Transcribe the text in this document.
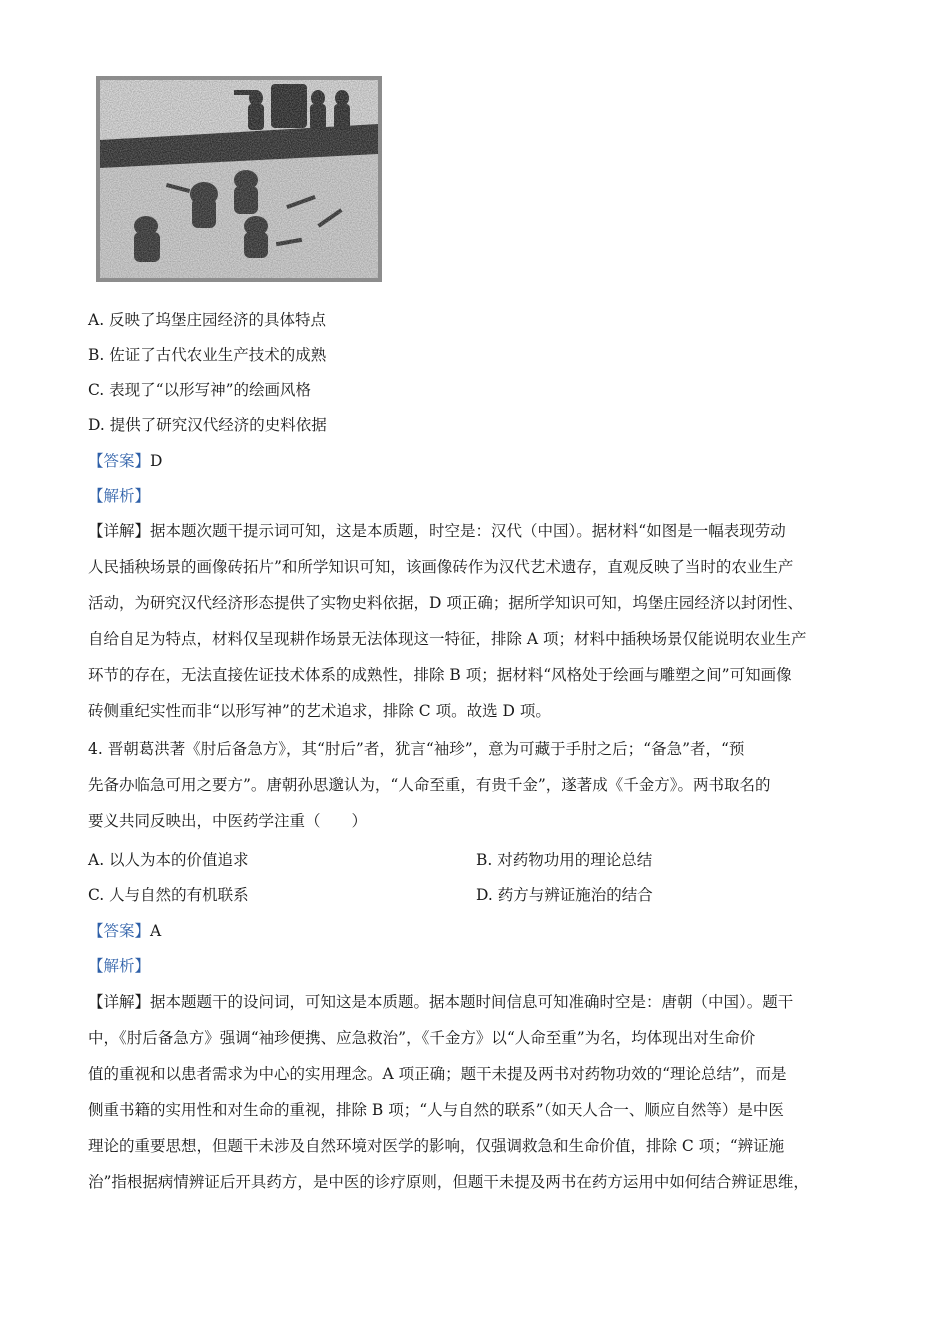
A. 反映了坞堡庄园经济的具体特点
B. 佐证了古代农业生产技术的成熟
C. 表现了“以形写神”的绘画风格
D. 提供了研究汉代经济的史料依据
【答案】D
【解析】
【详解】据本题次题干提示词可知，这是本质题，时空是：汉代（中国）。据材料“如图是一幅表现劳动
人民插秧场景的画像砖拓片”和所学知识可知，该画像砖作为汉代艺术遗存，直观反映了当时的农业生产
活动，为研究汉代经济形态提供了实物史料依据，D 项正确；据所学知识可知，坞堡庄园经济以封闭性、
自给自足为特点，材料仅呈现耕作场景无法体现这一特征，排除 A 项；材料中插秧场景仅能说明农业生产
环节的存在，无法直接佐证技术体系的成熟性，排除 B 项；据材料“风格处于绘画与雕塑之间”可知画像
砖侧重纪实性而非“以形写神”的艺术追求，排除 C 项。故选 D 项。
4. 晋朝葛洪著《肘后备急方》，其“肘后”者，犹言“袖珍”，意为可藏于手肘之后；“备急”者，“预
先备办临急可用之要方”。唐朝孙思邈认为，“人命至重，有贵千金”，遂著成《千金方》。两书取名的
要义共同反映出，中医药学注重（　　）
A. 以人为本的价值追求	B. 对药物功用的理论总结
C. 人与自然的有机联系	D. 药方与辨证施治的结合
【答案】A
【解析】
【详解】据本题题干的设问词，可知这是本质题。据本题时间信息可知准确时空是：唐朝（中国）。题干
中，《肘后备急方》强调“袖珍便携、应急救治”，《千金方》以“人命至重”为名，均体现出对生命价
值的重视和以患者需求为中心的实用理念。A 项正确；题干未提及两书对药物功效的“理论总结”，而是
侧重书籍的实用性和对生命的重视，排除 B 项；“人与自然的联系”（如天人合一、顺应自然等）是中医
理论的重要思想，但题干未涉及自然环境对医学的影响，仅强调救急和生命价值，排除 C 项；“辨证施
治”指根据病情辨证后开具药方，是中医的诊疗原则，但题干未提及两书在药方运用中如何结合辨证思维，
